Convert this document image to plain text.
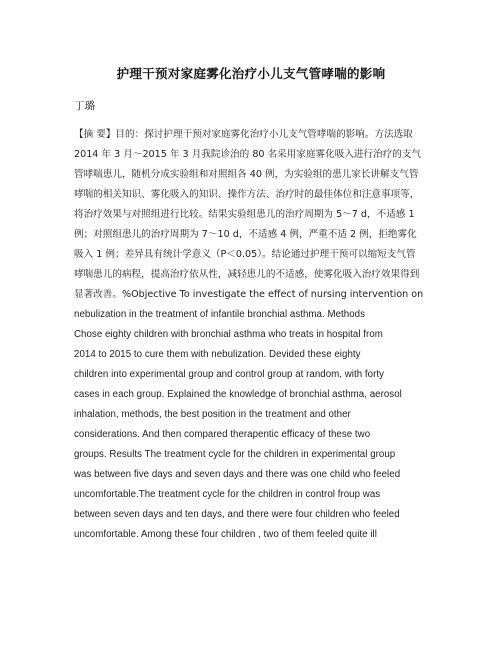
护理干预对家庭雾化治疗小儿支气管哮喘的影响

丁璐

【摘 要】目的：探讨护理干预对家庭雾化治疗小儿支气管哮喘的影响。方法选取
2014 年 3 月～2015 年 3 月我院诊治的 80 名采用家庭雾化吸入进行治疗的支气
管哮喘患儿，随机分成实验组和对照组各 40 例，为实验组的患儿家长讲解支气管
哮喘的相关知识、雾化吸入的知识、操作方法、治疗时的最佳体位和注意事项等，
将治疗效果与对照组进行比较。结果实验组患儿的治疗周期为 5～7 d，不适感 1
例；对照组患儿的治疗周期为 7～10 d，不适感 4 例，严重不适 2 例，拒绝雾化
吸入 1 例；差异具有统计学意义（P＜0.05）。结论通过护理干预可以缩短支气管
哮喘患儿的病程，提高治疗依从性，减轻患儿的不适感，使雾化吸入治疗效果得到
显著改善。%Objective To investigate the effect of nursing intervention on
nebulization in the treatment of infantile bronchial asthma. Methods
Chose eighty children with bronchial asthma who treats in hospital from
2014 to 2015 to cure them with nebulization. Devided these eighty
children into experimental group and control group at random, with forty
cases in each group. Explained the knowledge of bronchial asthma, aerosol
inhalation, methods, the best position in the treatment and other
considerations. And then compared therapentic efficacy of these two
groups. Results The treatment cycle for the children in experimental group
was between five days and seven days and there was one child who feeled
uncomfortable.The treatment cycle for the children in control froup was
between seven days and ten days, and there were four children who feeled
uncomfortable. Among these four children , two of them feeled quite ill
